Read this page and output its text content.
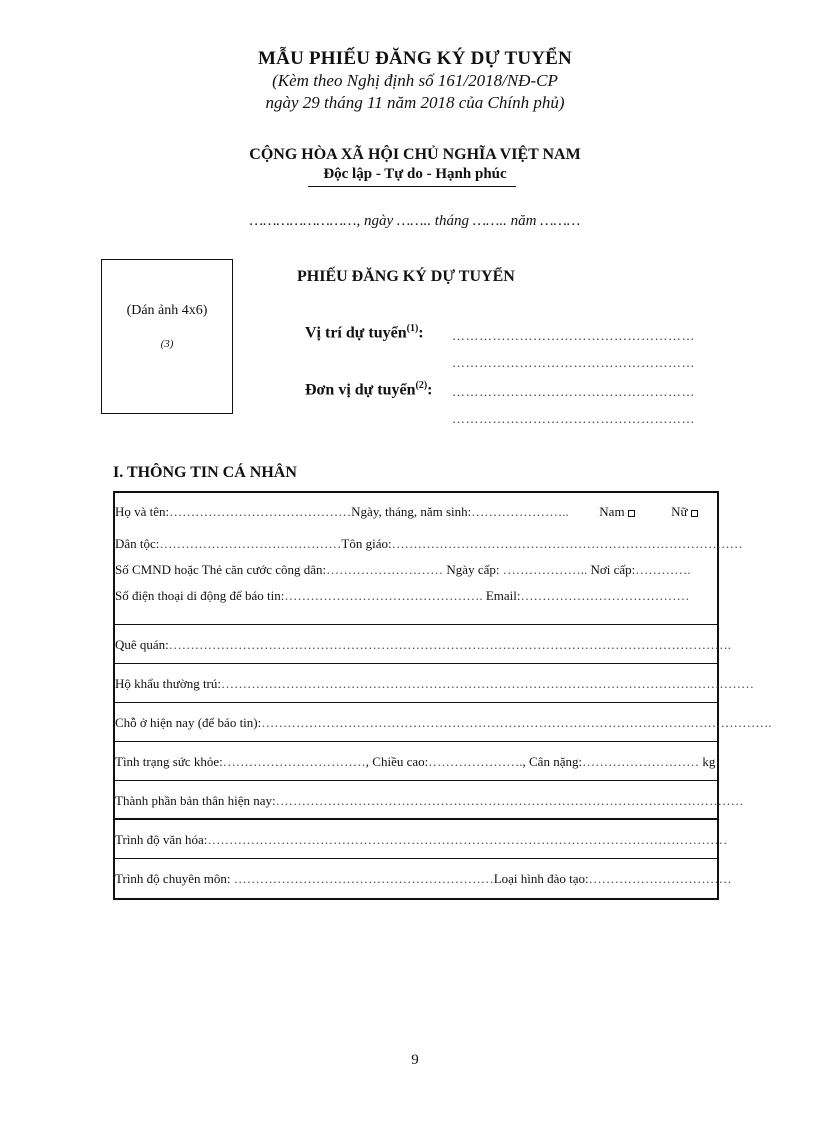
MẪU PHIẾU ĐĂNG KÝ DỰ TUYỂN
(Kèm theo Nghị định số 161/2018/NĐ-CP
ngày 29 tháng 11 năm 2018 của Chính phủ)
CỘNG HÒA XÃ HỘI CHỦ NGHĨA VIỆT NAM
Độc lập - Tự do - Hạnh phúc
……………………, ngày …….. tháng …….. năm ………
(Dán ảnh 4x6)
(3)
PHIẾU ĐĂNG KÝ DỰ TUYỂN
Vị trí dự tuyển$^{(1)}$: ………………………………………………
………………………………………………
Đơn vị dự tuyển$^{(2)}$: ………………………………………………
………………………………………………
I. THÔNG TIN CÁ NHÂN
Họ và tên:……………………………………Ngày, tháng, năm sinh:………………….. Nam	Nữ
Dân tộc:……………………………………Tôn giáo:………………………………………………………………………
Số CMND hoặc Thẻ căn cước công dân:……………………… Ngày cấp: ……………….. Nơi cấp:………….
Số điện thoại di động để báo tin:………………………………………. Email:…………………………………
Quê quán:………………………………………………………………………………………………………………….
Hộ khẩu thường trú:……………………………………………………………………………………………………………
Chỗ ở hiện nay (để báo tin):……………………………………………………………………………………………………….
Tình trạng sức khỏe:……………………………, Chiều cao:…………………., Cân nặng:……………………… kg
Thành phần bản thân hiện nay:………………………………………………………………………………………………
Trình độ văn hóa:…………………………………………………………………………………………………………
Trình độ chuyên môn: ……………………………………………………Loại hình đào tạo:……………………………
9
